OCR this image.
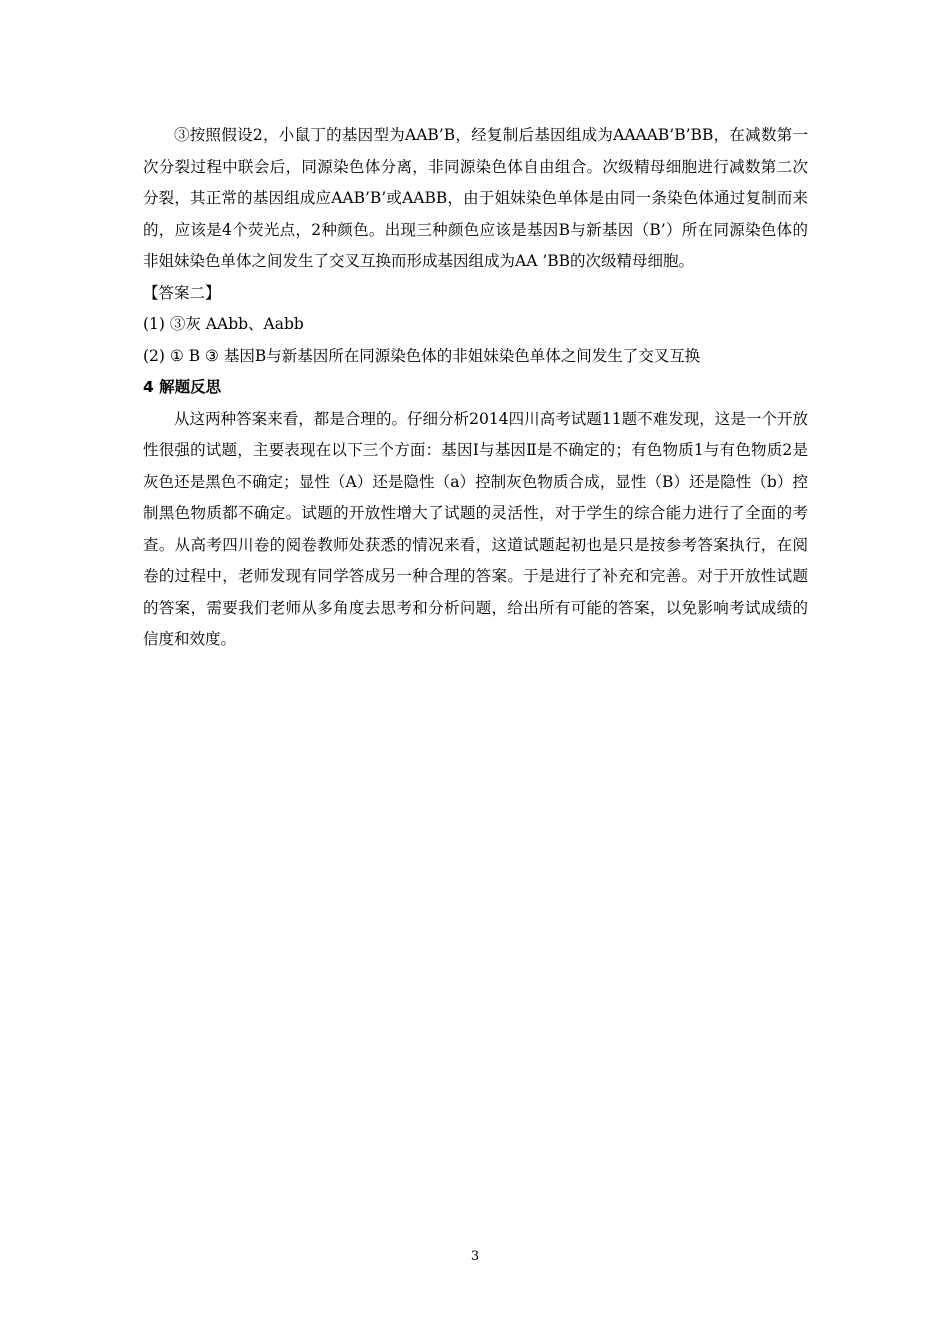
③按照假设2，小鼠丁的基因型为AAB’B，经复制后基因组成为AAAAB’B’BB，在减数第一次分裂过程中联会后，同源染色体分离，非同源染色体自由组合。次级精母细胞进行减数第二次分裂，其正常的基因组成应AAB’B’或AABB，由于姐妹染色单体是由同一条染色体通过复制而来的，应该是4个荧光点，2种颜色。出现三种颜色应该是基因B与新基因（B’）所在同源染色体的非姐妹染色单体之间发生了交叉互换而形成基因组成为AA ’BB的次级精母细胞。

【答案二】

(1) ③灰 AAbb、Aabb

(2) ① B ③ 基因B与新基因所在同源染色体的非姐妹染色单体之间发生了交叉互换

4 解题反思

从这两种答案来看，都是合理的。仔细分析2014四川高考试题11题不难发现，这是一个开放性很强的试题，主要表现在以下三个方面：基因Ⅰ与基因Ⅱ是不确定的；有色物质1与有色物质2是灰色还是黑色不确定；显性（A）还是隐性（a）控制灰色物质合成，显性（B）还是隐性（b）控制黑色物质都不确定。试题的开放性增大了试题的灵活性，对于学生的综合能力进行了全面的考查。从高考四川卷的阅卷教师处获悉的情况来看，这道试题起初也是只是按参考答案执行，在阅卷的过程中，老师发现有同学答成另一种合理的答案。于是进行了补充和完善。对于开放性试题的答案，需要我们老师从多角度去思考和分析问题，给出所有可能的答案，以免影响考试成绩的信度和效度。

3
